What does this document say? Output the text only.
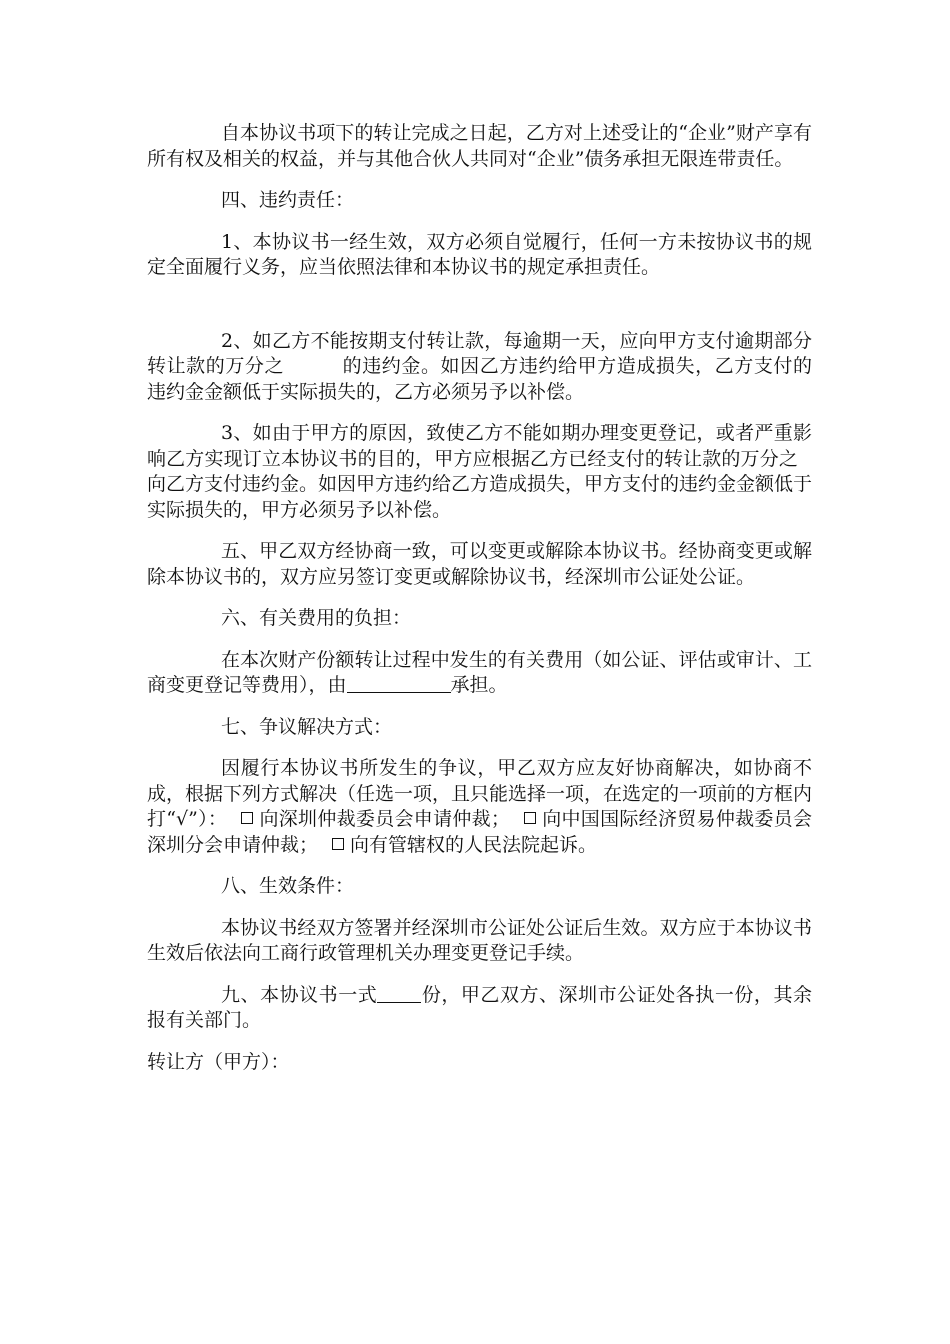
自本协议书项下的转让完成之日起，乙方对上述受让的“企业”财产享有所有权及相关的权益，并与其他合伙人共同对“企业”债务承担无限连带责任。

四、违约责任：

1、本协议书一经生效，双方必须自觉履行，任何一方未按协议书的规定全面履行义务，应当依照法律和本协议书的规定承担责任。

2、如乙方不能按期支付转让款，每逾期一天，应向甲方支付逾期部分转让款的万分之	的违约金。如因乙方违约给甲方造成损失，乙方支付的违约金金额低于实际损失的，乙方必须另予以补偿。

3、如由于甲方的原因，致使乙方不能如期办理变更登记，或者严重影响乙方实现订立本协议书的目的，甲方应根据乙方已经支付的转让款的万分之向乙方支付违约金。如因甲方违约给乙方造成损失，甲方支付的违约金金额低于实际损失的，甲方必须另予以补偿。

五、甲乙双方经协商一致，可以变更或解除本协议书。经协商变更或解除本协议书的，双方应另签订变更或解除协议书，经深圳市公证处公证。

六、有关费用的负担：

在本次财产份额转让过程中发生的有关费用（如公证、评估或审计、工商变更登记等费用），由	承担。

七、争议解决方式：

因履行本协议书所发生的争议，甲乙双方应友好协商解决，如协商不成，根据下列方式解决（任选一项，且只能选择一项，在选定的一项前的方框内打“√”）： 向深圳仲裁委员会申请仲裁； 向中国国际经济贸易仲裁委员会深圳分会申请仲裁； 向有管辖权的人民法院起诉。

八、生效条件：

本协议书经双方签署并经深圳市公证处公证后生效。双方应于本协议书生效后依法向工商行政管理机关办理变更登记手续。

九、本协议书一式 份，甲乙双方、深圳市公证处各执一份，其余报有关部门。

转让方（甲方）：
